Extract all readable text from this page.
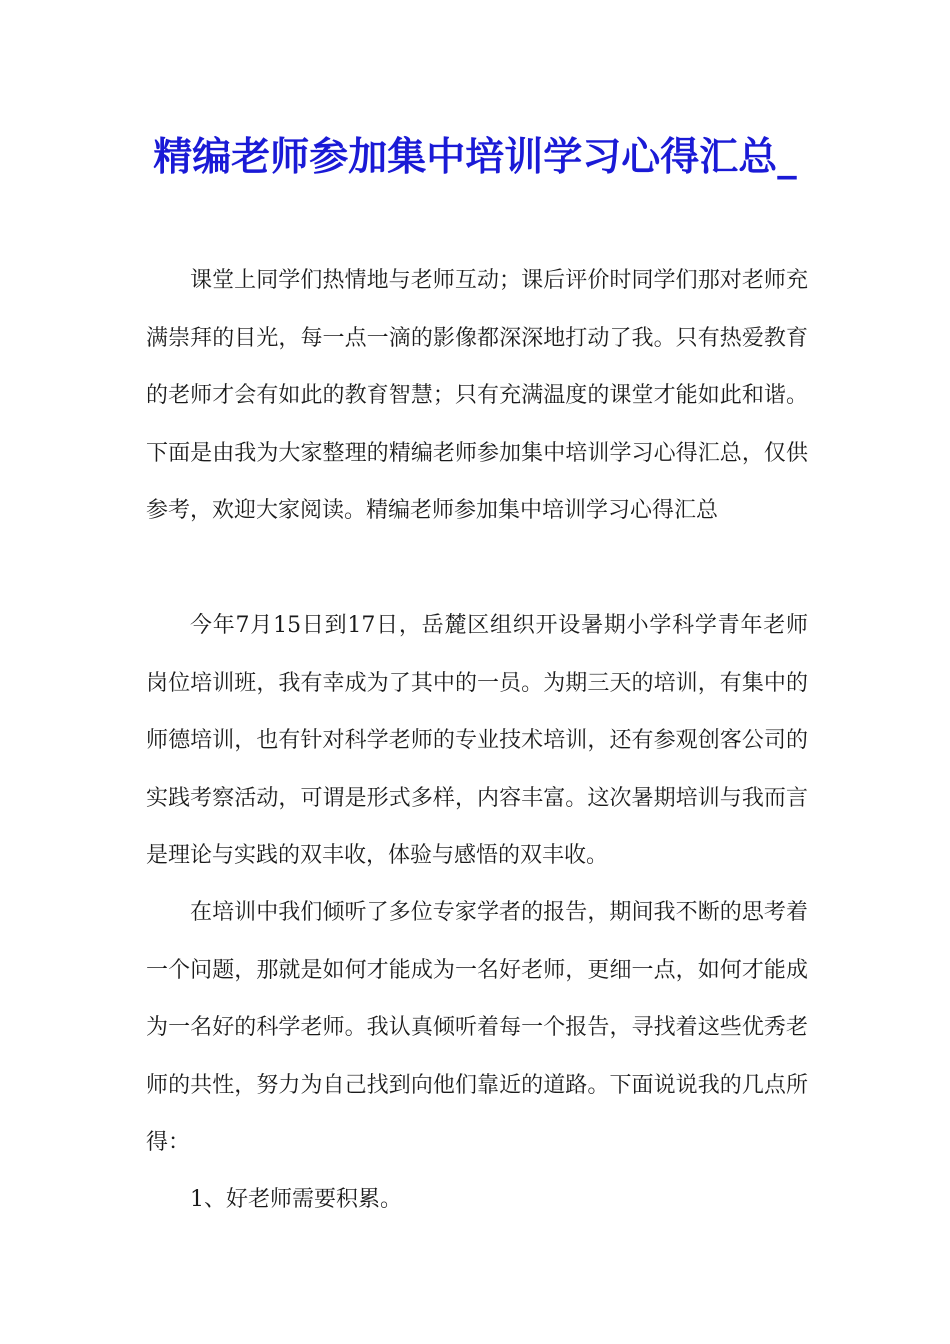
精编老师参加集中培训学习心得汇总_

课堂上同学们热情地与老师互动；课后评价时同学们那对老师充满崇拜的目光，每一点一滴的影像都深深地打动了我。只有热爱教育的老师才会有如此的教育智慧；只有充满温度的课堂才能如此和谐。下面是由我为大家整理的精编老师参加集中培训学习心得汇总，仅供参考，欢迎大家阅读。精编老师参加集中培训学习心得汇总

今年7月15日到17日，岳麓区组织开设暑期小学科学青年老师岗位培训班，我有幸成为了其中的一员。为期三天的培训，有集中的师德培训，也有针对科学老师的专业技术培训，还有参观创客公司的实践考察活动，可谓是形式多样，内容丰富。这次暑期培训与我而言是理论与实践的双丰收，体验与感悟的双丰收。

在培训中我们倾听了多位专家学者的报告，期间我不断的思考着一个问题，那就是如何才能成为一名好老师，更细一点，如何才能成为一名好的科学老师。我认真倾听着每一个报告，寻找着这些优秀老师的共性，努力为自己找到向他们靠近的道路。下面说说我的几点所得：

1、好老师需要积累。
